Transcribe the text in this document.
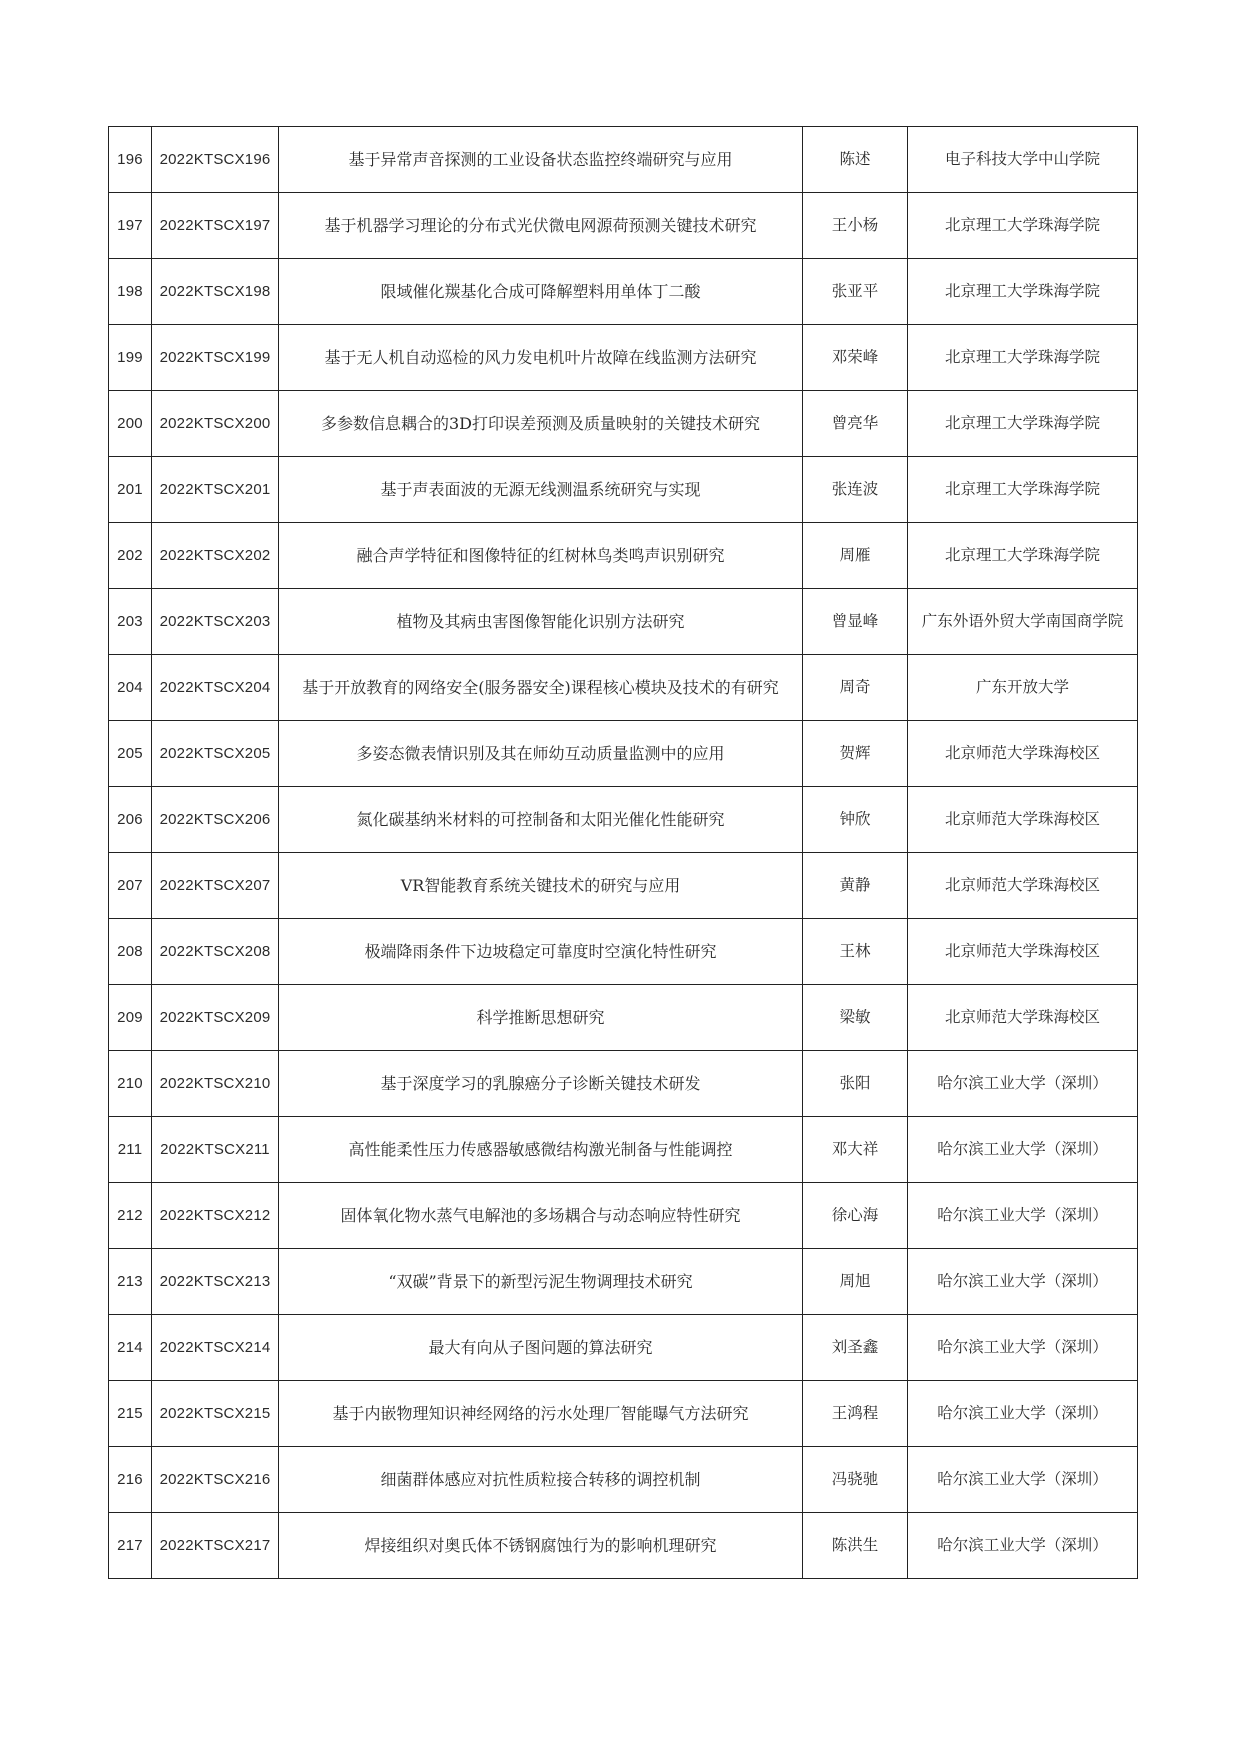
196	2022KTSCX196	基于异常声音探测的工业设备状态监控终端研究与应用	陈述	电子科技大学中山学院
197	2022KTSCX197	基于机器学习理论的分布式光伏微电网源荷预测关键技术研究	王小杨	北京理工大学珠海学院
198	2022KTSCX198	限域催化羰基化合成可降解塑料用单体丁二酸	张亚平	北京理工大学珠海学院
199	2022KTSCX199	基于无人机自动巡检的风力发电机叶片故障在线监测方法研究	邓荣峰	北京理工大学珠海学院
200	2022KTSCX200	多参数信息耦合的3D打印误差预测及质量映射的关键技术研究	曾亮华	北京理工大学珠海学院
201	2022KTSCX201	基于声表面波的无源无线测温系统研究与实现	张连波	北京理工大学珠海学院
202	2022KTSCX202	融合声学特征和图像特征的红树林鸟类鸣声识别研究	周雁	北京理工大学珠海学院
203	2022KTSCX203	植物及其病虫害图像智能化识别方法研究	曾显峰	广东外语外贸大学南国商学院
204	2022KTSCX204	基于开放教育的网络安全(服务器安全)课程核心模块及技术的有研究	周奇	广东开放大学
205	2022KTSCX205	多姿态微表情识别及其在师幼互动质量监测中的应用	贺辉	北京师范大学珠海校区
206	2022KTSCX206	氮化碳基纳米材料的可控制备和太阳光催化性能研究	钟欣	北京师范大学珠海校区
207	2022KTSCX207	VR智能教育系统关键技术的研究与应用	黄静	北京师范大学珠海校区
208	2022KTSCX208	极端降雨条件下边坡稳定可靠度时空演化特性研究	王林	北京师范大学珠海校区
209	2022KTSCX209	科学推断思想研究	梁敏	北京师范大学珠海校区
210	2022KTSCX210	基于深度学习的乳腺癌分子诊断关键技术研发	张阳	哈尔滨工业大学（深圳）
211	2022KTSCX211	高性能柔性压力传感器敏感微结构激光制备与性能调控	邓大祥	哈尔滨工业大学（深圳）
212	2022KTSCX212	固体氧化物水蒸气电解池的多场耦合与动态响应特性研究	徐心海	哈尔滨工业大学（深圳）
213	2022KTSCX213	“双碳”背景下的新型污泥生物调理技术研究	周旭	哈尔滨工业大学（深圳）
214	2022KTSCX214	最大有向从子图问题的算法研究	刘圣鑫	哈尔滨工业大学（深圳）
215	2022KTSCX215	基于内嵌物理知识神经网络的污水处理厂智能曝气方法研究	王鸿程	哈尔滨工业大学（深圳）
216	2022KTSCX216	细菌群体感应对抗性质粒接合转移的调控机制	冯骁驰	哈尔滨工业大学（深圳）
217	2022KTSCX217	焊接组织对奥氏体不锈钢腐蚀行为的影响机理研究	陈洪生	哈尔滨工业大学（深圳）
